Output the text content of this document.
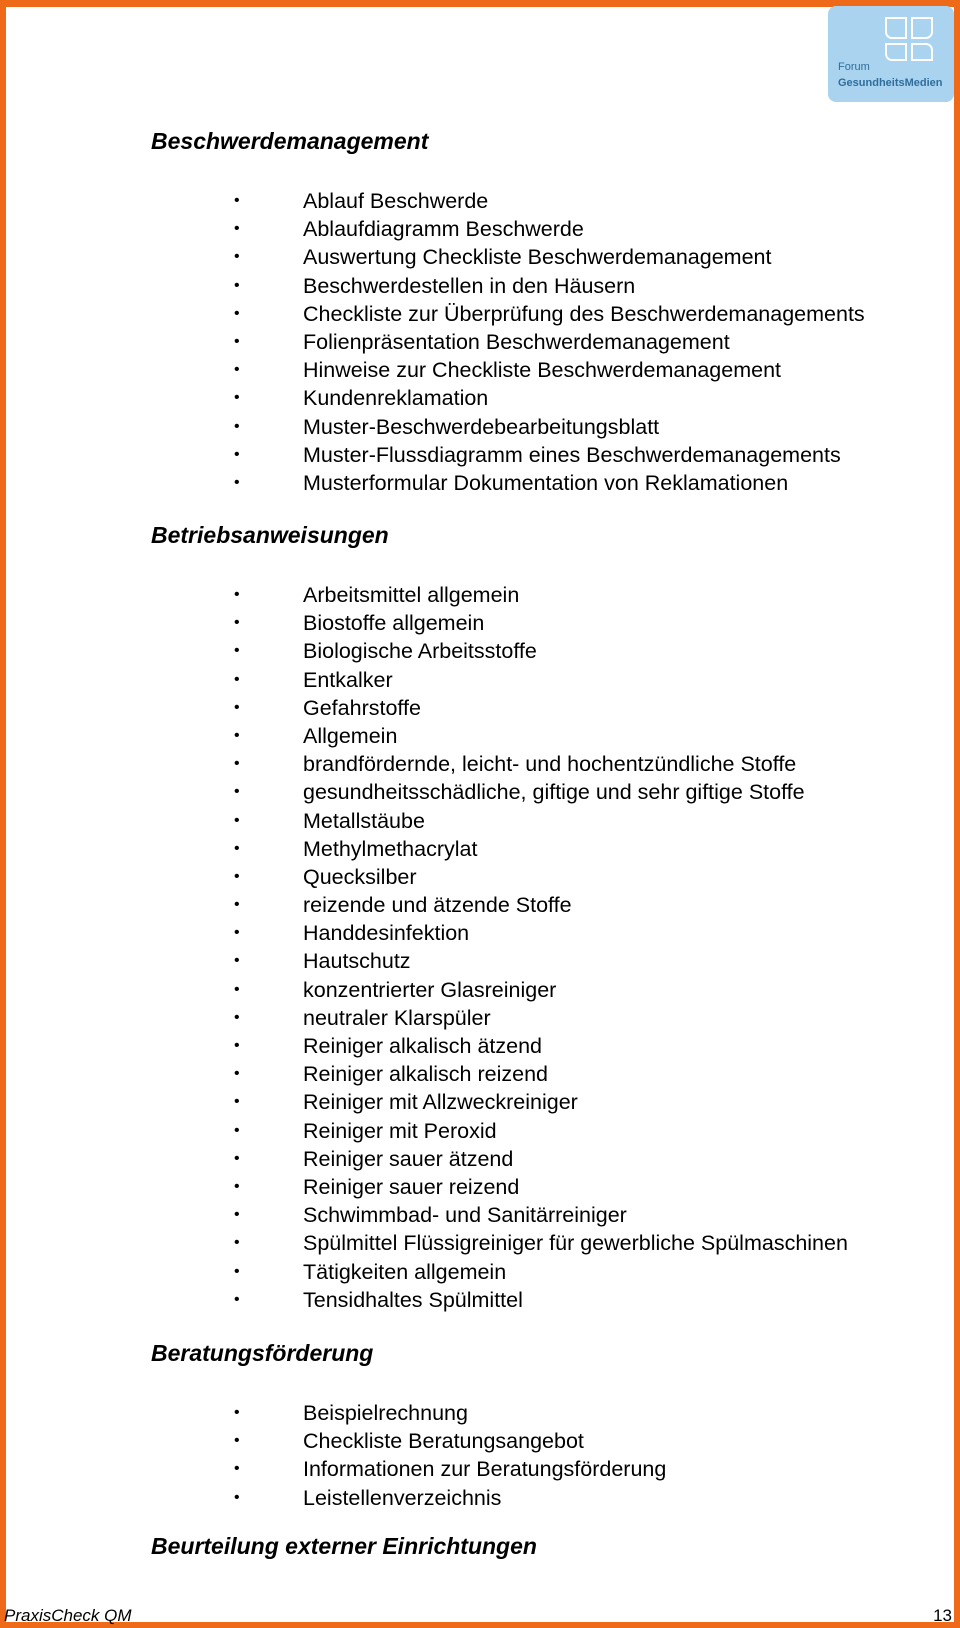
Forum
GesundheitsMedien
Beschwerdemanagement
•	Ablauf Beschwerde
•	Ablaufdiagramm Beschwerde
•	Auswertung Checkliste Beschwerdemanagement
•	Beschwerdestellen in den Häusern
•	Checkliste zur Überprüfung des Beschwerdemanagements
•	Folienpräsentation Beschwerdemanagement
•	Hinweise zur Checkliste Beschwerdemanagement
•	Kundenreklamation
•	Muster-Beschwerdebearbeitungsblatt
•	Muster-Flussdiagramm eines Beschwerdemanagements
•	Musterformular Dokumentation von Reklamationen
Betriebsanweisungen
•	Arbeitsmittel allgemein
•	Biostoffe allgemein
•	Biologische Arbeitsstoffe
•	Entkalker
•	Gefahrstoffe
•	Allgemein
•	brandfördernde, leicht- und hochentzündliche Stoffe
•	gesundheitsschädliche, giftige und sehr giftige Stoffe
•	Metallstäube
•	Methylmethacrylat
•	Quecksilber
•	reizende und ätzende Stoffe
•	Handdesinfektion
•	Hautschutz
•	konzentrierter Glasreiniger
•	neutraler Klarspüler
•	Reiniger alkalisch ätzend
•	Reiniger alkalisch reizend
•	Reiniger mit Allzweckreiniger
•	Reiniger mit Peroxid
•	Reiniger sauer ätzend
•	Reiniger sauer reizend
•	Schwimmbad- und Sanitärreiniger
•	Spülmittel Flüssigreiniger für gewerbliche Spülmaschinen
•	Tätigkeiten allgemein
•	Tensidhaltes Spülmittel
Beratungsförderung
•	Beispielrechnung
•	Checkliste Beratungsangebot
•	Informationen zur Beratungsförderung
•	Leistellenverzeichnis
Beurteilung externer Einrichtungen
PraxisCheck QM	13
